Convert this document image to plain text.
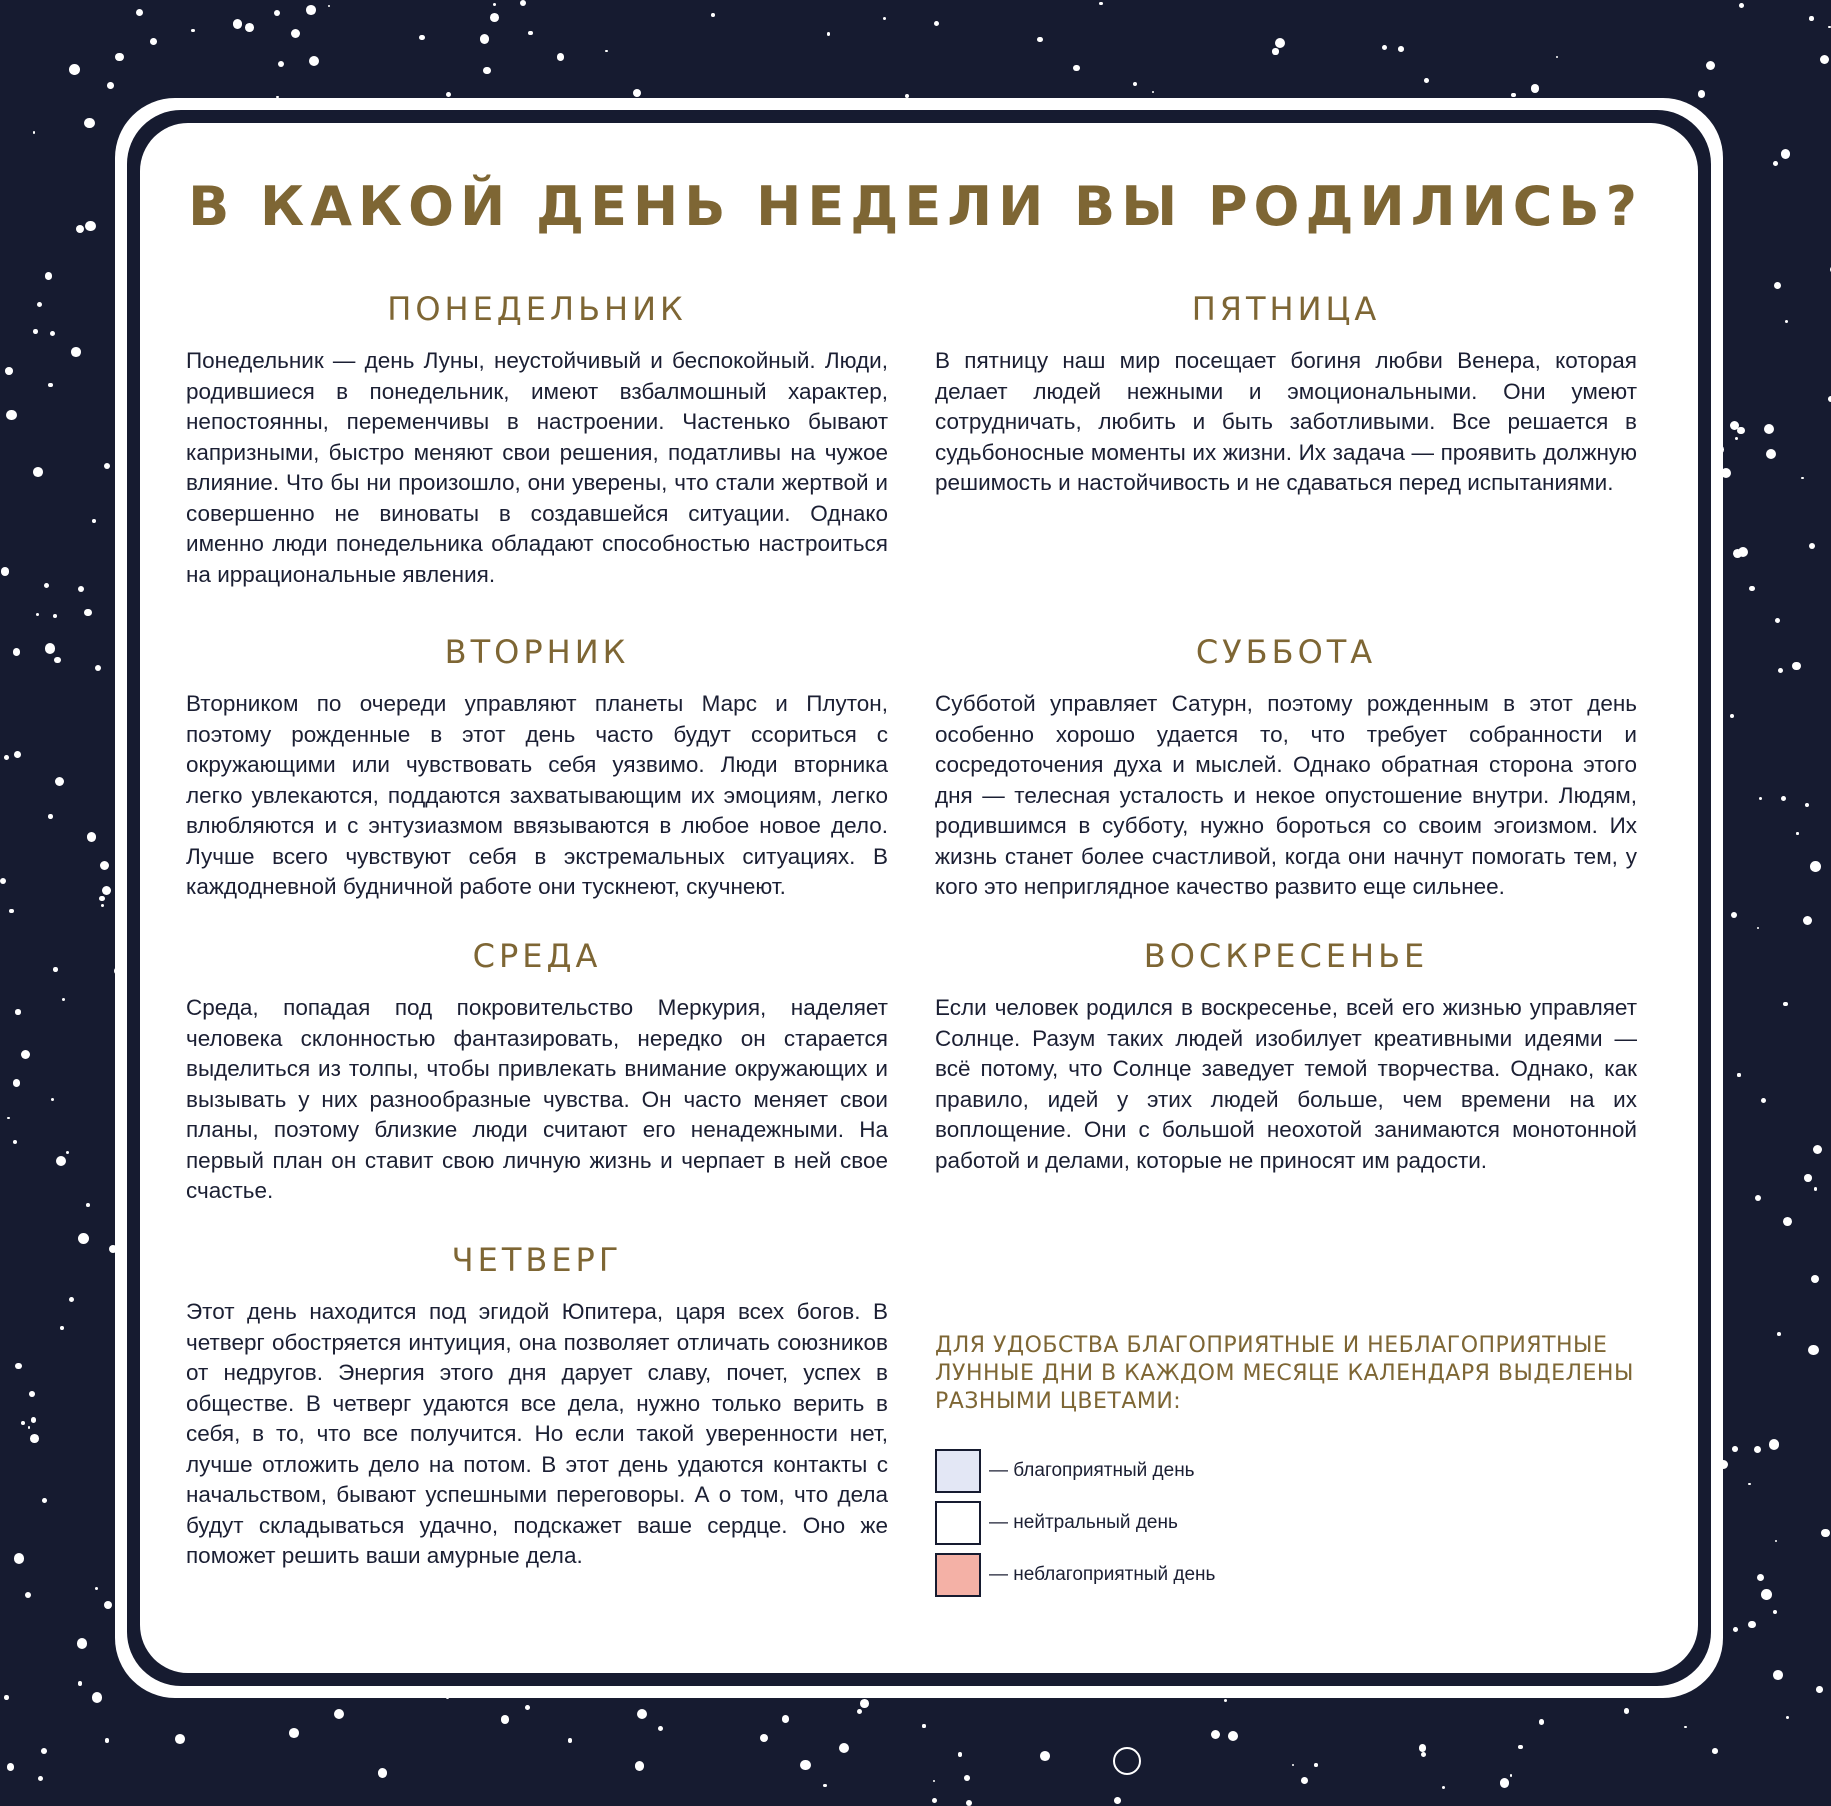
В КАКОЙ ДЕНЬ НЕДЕЛИ ВЫ РОДИЛИСЬ?
ПОНЕДЕЛЬНИК
Понедельник — день Луны, неустойчивый и беспокойный. Люди, родившиеся в понедельник, имеют взбалмошный характер, непостоянны, переменчивы в настроении. Частенько бывают капризными, быстро меняют свои решения, податливы на чужое влияние. Что бы ни произошло, они уверены, что стали жертвой и совершенно не виноваты в создавшейся ситуации. Однако именно люди понедельника обладают способностью настроиться на иррациональные явления.
ВТОРНИК
Вторником по очереди управляют планеты Марс и Плутон, поэтому рожденные в этот день часто будут ссориться с окружающими или чувствовать себя уязвимо. Люди вторника легко увлекаются, поддаются захватывающим их эмоциям, легко влюбляются и с энтузиазмом ввязываются в любое новое дело. Лучше всего чувствуют себя в экстремальных ситуациях. В каждодневной будничной работе они тускнеют, скучнеют.
СРЕДА
Среда, попадая под покровительство Меркурия, наделяет человека склонностью фантазировать, нередко он старается выделиться из толпы, чтобы привлекать внимание окружающих и вызывать у них разнообразные чувства. Он часто меняет свои планы, поэтому близкие люди считают его ненадежными. На первый план он ставит свою личную жизнь и черпает в ней свое счастье.
ЧЕТВЕРГ
Этот день находится под эгидой Юпитера, царя всех богов. В четверг обостряется интуиция, она позволяет отличать союзников от недругов. Энергия этого дня дарует славу, почет, успех в обществе. В четверг удаются все дела, нужно только верить в себя, в то, что все получится. Но если такой уверенности нет, лучше отложить дело на потом. В этот день удаются контакты с начальством, бывают успешными переговоры. А о том, что дела будут складываться удачно, подскажет ваше сердце. Оно же поможет решить ваши амурные дела.
ПЯТНИЦА
В пятницу наш мир посещает богиня любви Венера, которая делает людей нежными и эмоциональными. Они умеют сотрудничать, любить и быть заботливыми. Все решается в судьбоносные моменты их жизни. Их задача — проявить должную решимость и настойчивость и не сдаваться перед испытаниями.
СУББОТА
Субботой управляет Сатурн, поэтому рожденным в этот день особенно хорошо удается то, что требует собранности и сосредоточения духа и мыслей. Однако обратная сторона этого дня — телесная усталость и некое опустошение внутри. Людям, родившимся в субботу, нужно бороться со своим эгоизмом. Их жизнь станет более счастливой, когда они начнут помогать тем, у кого это неприглядное качество развито еще сильнее.
ВОСКРЕСЕНЬЕ
Если человек родился в воскресенье, всей его жизнью управляет Солнце. Разум таких людей изобилует креативными идеями — всё потому, что Солнце заведует темой творчества. Однако, как правило, идей у этих людей больше, чем времени на их воплощение. Они с большой неохотой занимаются монотонной работой и делами, которые не приносят им радости.
ДЛЯ УДОБСТВА БЛАГОПРИЯТНЫЕ И НЕБЛАГОПРИЯТНЫЕ ЛУННЫЕ ДНИ В КАЖДОМ МЕСЯЦЕ КАЛЕНДАРЯ ВЫДЕЛЕНЫ РАЗНЫМИ ЦВЕТАМИ:
— благоприятный день
— нейтральный день
— неблагоприятный день
